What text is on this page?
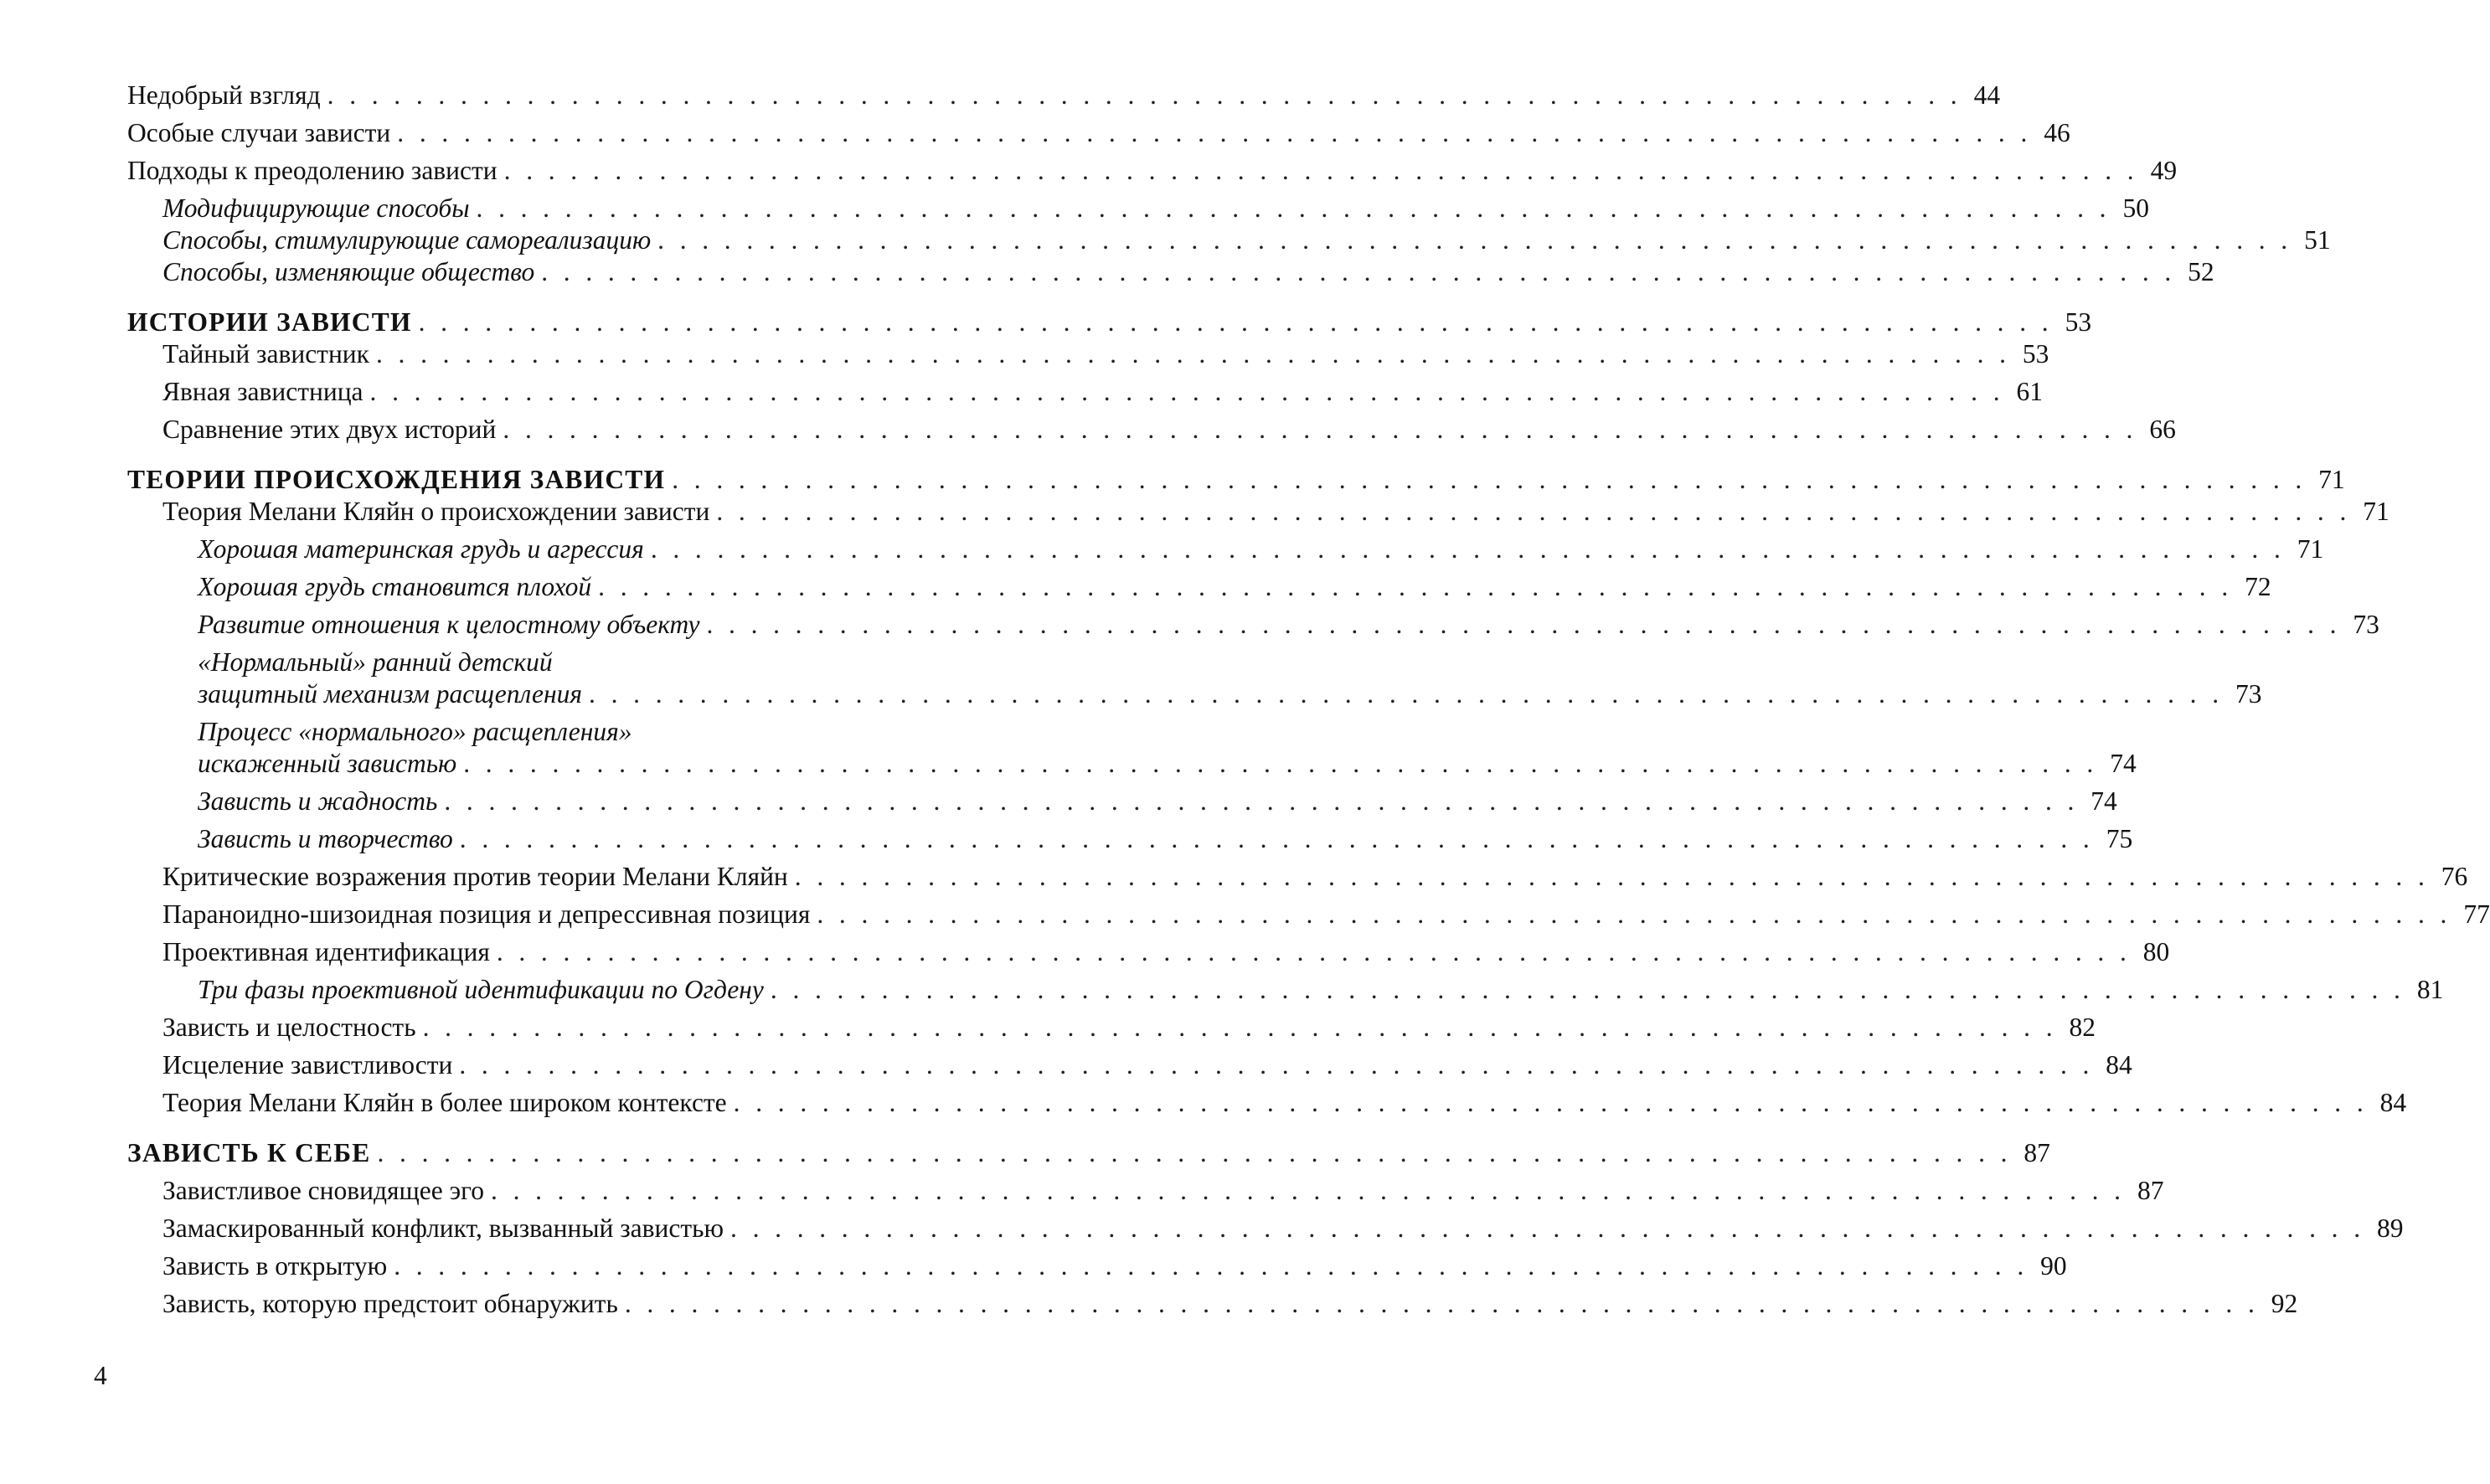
Недобрый взгляд . . . . . . . . . . . . . . . . . . . . . . . . . . . . . . . . . . . . . . . . . . . . . . . . . . . . . . . . . . . . . . . . . . . . . . . . . . 44
Особые случаи зависти . . . . . . . . . . . . . . . . . . . . . . . . . . . . . . . . . . . . . . . . . . . . . . . . . . . . . . . . . . . . . . . . . . . . . . . . . . 46
Подходы к преодолению зависти . . . . . . . . . . . . . . . . . . . . . . . . . . . . . . . . . . . . . . . . . . . . . . . . . . . . . . . . . . . . . . . . . . . . . . . . . . 49
Модифицирующие способы . . . . . . . . . . . . . . . . . . . . . . . . . . . . . . . . . . . . . . . . . . . . . . . . . . . . . . . . . . . . . . . . . . . . . . . . . . 50
Способы, стимулирующие самореализацию . . . . . . . . . . . . . . . . . . . . . . . . . . . . . . . . . . . . . . . . . . . . . . . . . . . . . . . . . . . . . . . . . . . . . . . . . . 51
Способы, изменяющие общество . . . . . . . . . . . . . . . . . . . . . . . . . . . . . . . . . . . . . . . . . . . . . . . . . . . . . . . . . . . . . . . . . . . . . . . . . . 52
ИСТОРИИ ЗАВИСТИ . . . . . . . . . . . . . . . . . . . . . . . . . . . . . . . . . . . . . . . . . . . . . . . . . . . . . . . . . . . . . . . . . . . . . . . . . . 53
Тайный завистник . . . . . . . . . . . . . . . . . . . . . . . . . . . . . . . . . . . . . . . . . . . . . . . . . . . . . . . . . . . . . . . . . . . . . . . . . . 53
Явная завистница . . . . . . . . . . . . . . . . . . . . . . . . . . . . . . . . . . . . . . . . . . . . . . . . . . . . . . . . . . . . . . . . . . . . . . . . . . 61
Сравнение этих двух историй . . . . . . . . . . . . . . . . . . . . . . . . . . . . . . . . . . . . . . . . . . . . . . . . . . . . . . . . . . . . . . . . . . . . . . . . . . 66
ТЕОРИИ ПРОИСХОЖДЕНИЯ ЗАВИСТИ . . . . . . . . . . . . . . . . . . . . . . . . . . . . . . . . . . . . . . . . . . . . . . . . . . . . . . . . . . . . . . . . . . . . . . . . . . 71
Теория Мелани Кляйн о происхождении зависти . . . . . . . . . . . . . . . . . . . . . . . . . . . . . . . . . . . . . . . . . . . . . . . . . . . . . . . . . . . . . . . . . . . . . . . . . . 71
Хорошая материнская грудь и агрессия . . . . . . . . . . . . . . . . . . . . . . . . . . . . . . . . . . . . . . . . . . . . . . . . . . . . . . . . . . . . . . . . . . . . . . . . . . 71
Хорошая грудь становится плохой . . . . . . . . . . . . . . . . . . . . . . . . . . . . . . . . . . . . . . . . . . . . . . . . . . . . . . . . . . . . . . . . . . . . . . . . . . 72
Развитие отношения к целостному объекту . . . . . . . . . . . . . . . . . . . . . . . . . . . . . . . . . . . . . . . . . . . . . . . . . . . . . . . . . . . . . . . . . . . . . . . . . . 73
«Нормальный» ранний детский
защитный механизм расщепления . . . . . . . . . . . . . . . . . . . . . . . . . . . . . . . . . . . . . . . . . . . . . . . . . . . . . . . . . . . . . . . . . . . . . . . . . . 73
Процесс «нормального» расщепления»
искаженный завистью . . . . . . . . . . . . . . . . . . . . . . . . . . . . . . . . . . . . . . . . . . . . . . . . . . . . . . . . . . . . . . . . . . . . . . . . . . 74
Зависть и жадность . . . . . . . . . . . . . . . . . . . . . . . . . . . . . . . . . . . . . . . . . . . . . . . . . . . . . . . . . . . . . . . . . . . . . . . . . . 74
Зависть и творчество . . . . . . . . . . . . . . . . . . . . . . . . . . . . . . . . . . . . . . . . . . . . . . . . . . . . . . . . . . . . . . . . . . . . . . . . . . 75
Критические возражения против теории Мелани Кляйн . . . . . . . . . . . . . . . . . . . . . . . . . . . . . . . . . . . . . . . . . . . . . . . . . . . . . . . . . . . . . . . . . . . . . . . . . . 76
Параноидно-шизоидная позиция и депрессивная позиция . . . . . . . . . . . . . . . . . . . . . . . . . . . . . . . . . . . . . . . . . . . . . . . . . . . . . . . . . . . . . . . . . . . . . . . . . . 77
Проективная идентификация . . . . . . . . . . . . . . . . . . . . . . . . . . . . . . . . . . . . . . . . . . . . . . . . . . . . . . . . . . . . . . . . . . . . . . . . . . 80
Три фазы проективной идентификации по Огдену . . . . . . . . . . . . . . . . . . . . . . . . . . . . . . . . . . . . . . . . . . . . . . . . . . . . . . . . . . . . . . . . . . . . . . . . . . 81
Зависть и целостность . . . . . . . . . . . . . . . . . . . . . . . . . . . . . . . . . . . . . . . . . . . . . . . . . . . . . . . . . . . . . . . . . . . . . . . . . . 82
Исцеление завистливости . . . . . . . . . . . . . . . . . . . . . . . . . . . . . . . . . . . . . . . . . . . . . . . . . . . . . . . . . . . . . . . . . . . . . . . . . . 84
Теория Мелани Кляйн в более широком контексте . . . . . . . . . . . . . . . . . . . . . . . . . . . . . . . . . . . . . . . . . . . . . . . . . . . . . . . . . . . . . . . . . . . . . . . . . . 84
ЗАВИСТЬ К СЕБЕ . . . . . . . . . . . . . . . . . . . . . . . . . . . . . . . . . . . . . . . . . . . . . . . . . . . . . . . . . . . . . . . . . . . . . . . . . . 87
Завистливое сновидящее эго . . . . . . . . . . . . . . . . . . . . . . . . . . . . . . . . . . . . . . . . . . . . . . . . . . . . . . . . . . . . . . . . . . . . . . . . . . 87
Замаскированный конфликт, вызванный завистью . . . . . . . . . . . . . . . . . . . . . . . . . . . . . . . . . . . . . . . . . . . . . . . . . . . . . . . . . . . . . . . . . . . . . . . . . . 89
Зависть в открытую . . . . . . . . . . . . . . . . . . . . . . . . . . . . . . . . . . . . . . . . . . . . . . . . . . . . . . . . . . . . . . . . . . . . . . . . . . 90
Зависть, которую предстоит обнаружить . . . . . . . . . . . . . . . . . . . . . . . . . . . . . . . . . . . . . . . . . . . . . . . . . . . . . . . . . . . . . . . . . . . . . . . . . . 92
4
